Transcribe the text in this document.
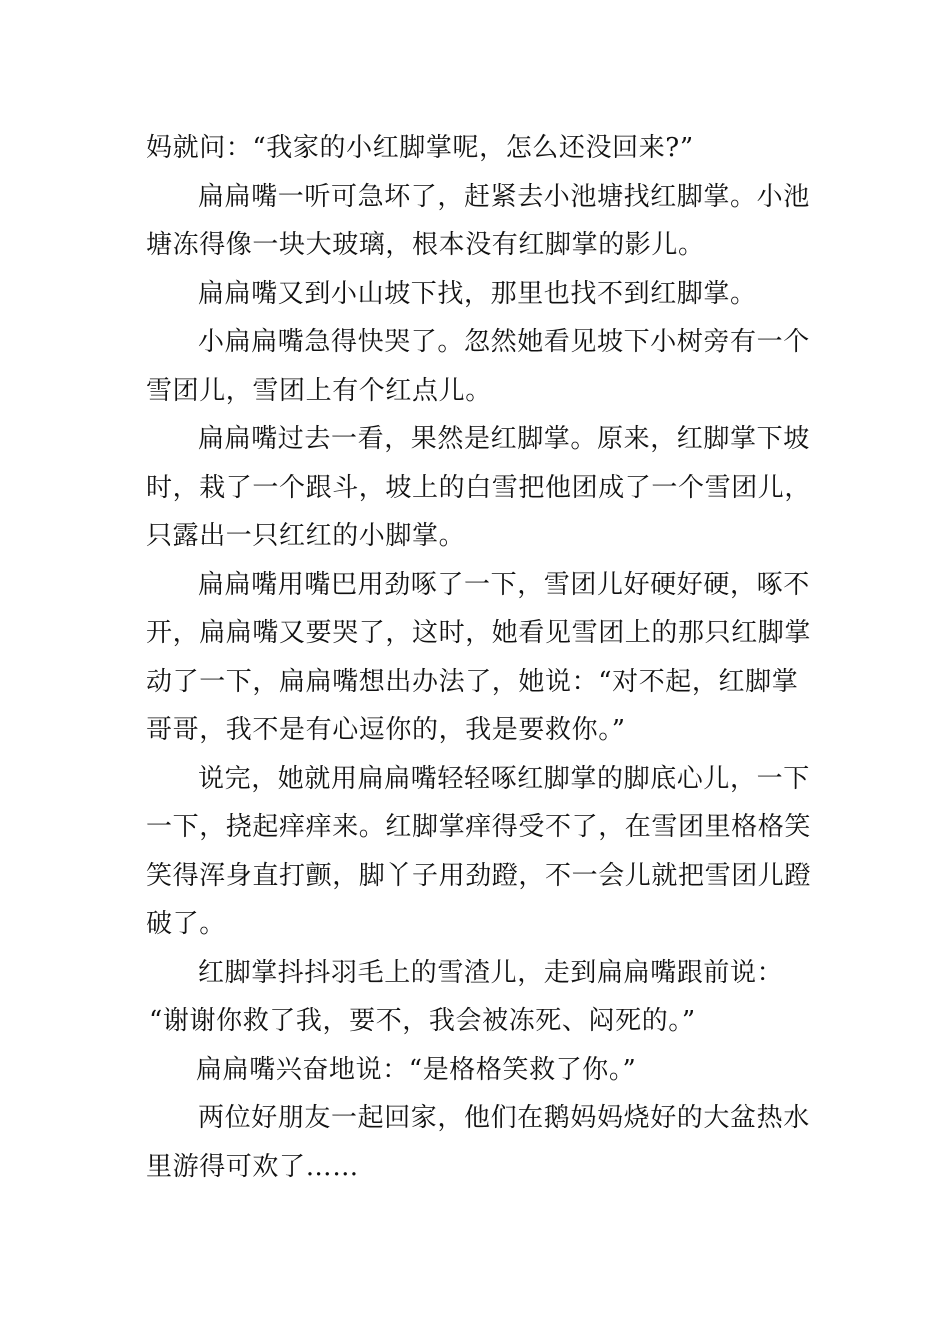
妈就问：“我家的小红脚掌呢，怎么还没回来?”
扁扁嘴一听可急坏了，赶紧去小池塘找红脚掌。小池
塘冻得像一块大玻璃，根本没有红脚掌的影儿。
扁扁嘴又到小山坡下找，那里也找不到红脚掌。
小扁扁嘴急得快哭了。忽然她看见坡下小树旁有一个
雪团儿，雪团上有个红点儿。
扁扁嘴过去一看，果然是红脚掌。原来，红脚掌下坡
时，栽了一个跟斗，坡上的白雪把他团成了一个雪团儿，
只露出一只红红的小脚掌。
扁扁嘴用嘴巴用劲啄了一下，雪团儿好硬好硬，啄不
开，扁扁嘴又要哭了，这时，她看见雪团上的那只红脚掌
动了一下，扁扁嘴想出办法了，她说：“对不起，红脚掌
哥哥，我不是有心逗你的，我是要救你。”
说完，她就用扁扁嘴轻轻啄红脚掌的脚底心儿，一下
一下，挠起痒痒来。红脚掌痒得受不了，在雪团里格格笑
笑得浑身直打颤，脚丫子用劲蹬，不一会儿就把雪团儿蹬
破了。
红脚掌抖抖羽毛上的雪渣儿，走到扁扁嘴跟前说：
“谢谢你救了我，要不，我会被冻死、闷死的。”
扁扁嘴兴奋地说：“是格格笑救了你。”
两位好朋友一起回家，他们在鹅妈妈烧好的大盆热水
里游得可欢了……
